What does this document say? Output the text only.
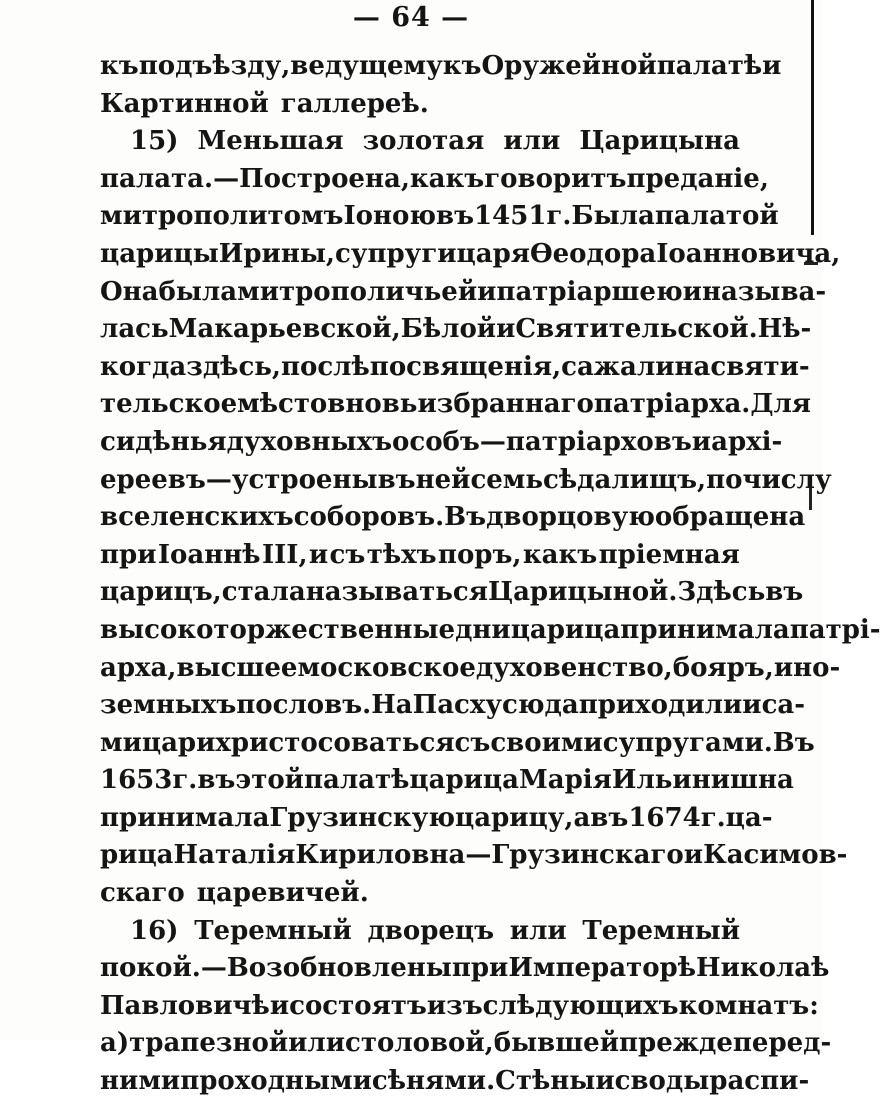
— 64 —
къ подъѣзду, ведущему къ Оружейной палатѣ и
Картинной галлереѣ.
15) Меньшая золотая или Царицына
палата. — Построена, какъ говоритъ преданіе,
митрополитомъ Іоною въ 1451 г. Была палатой
царицы Ирины, супруги царя Ѳеодора Іоанновича,
Она была митрополичьей и патріаршею и называ-
лась Макарьевской, Бѣлой и Святительской. Нѣ-
когда здѣсь, послѣ посвященія, сажали на святи-
тельское мѣсто вновь избраннаго патріарха. Для
сидѣнья духовныхъ особъ — патріарховъ и архі-
ереевъ—устроены въ ней семь сѣдалищъ, по числу
вселенскихъ соборовъ. Въ дворцовую обращена
при Іоаннѣ III, и съ тѣхъ поръ, какъ пріемная
царицъ, стала называться Царицыной. Здѣсь въ
высокоторжественные дни царица принимала патрі-
арха, высшее московское духовенство, бояръ, ино-
земныхъ пословъ. На Пасху сюда приходили и са-
ми цари христосоваться съ своими супругами. Въ
1653 г. въ этой палатѣ царица Марія Ильинишна
принимала Грузинскую царицу, а въ 1674 г. ца-
рица Наталія Кириловна—Грузинскаго и Касимов-
скаго царевичей.
16) Теремный дворецъ или Теремный
покой.—Возобновлены при Императорѣ Николаѣ
Павловичѣ и состоятъ изъ слѣдующихъ комнатъ:
а) трапезной или столовой, бывшей прежде перед-
ними проходными сѣнями. Стѣны и своды распи-
